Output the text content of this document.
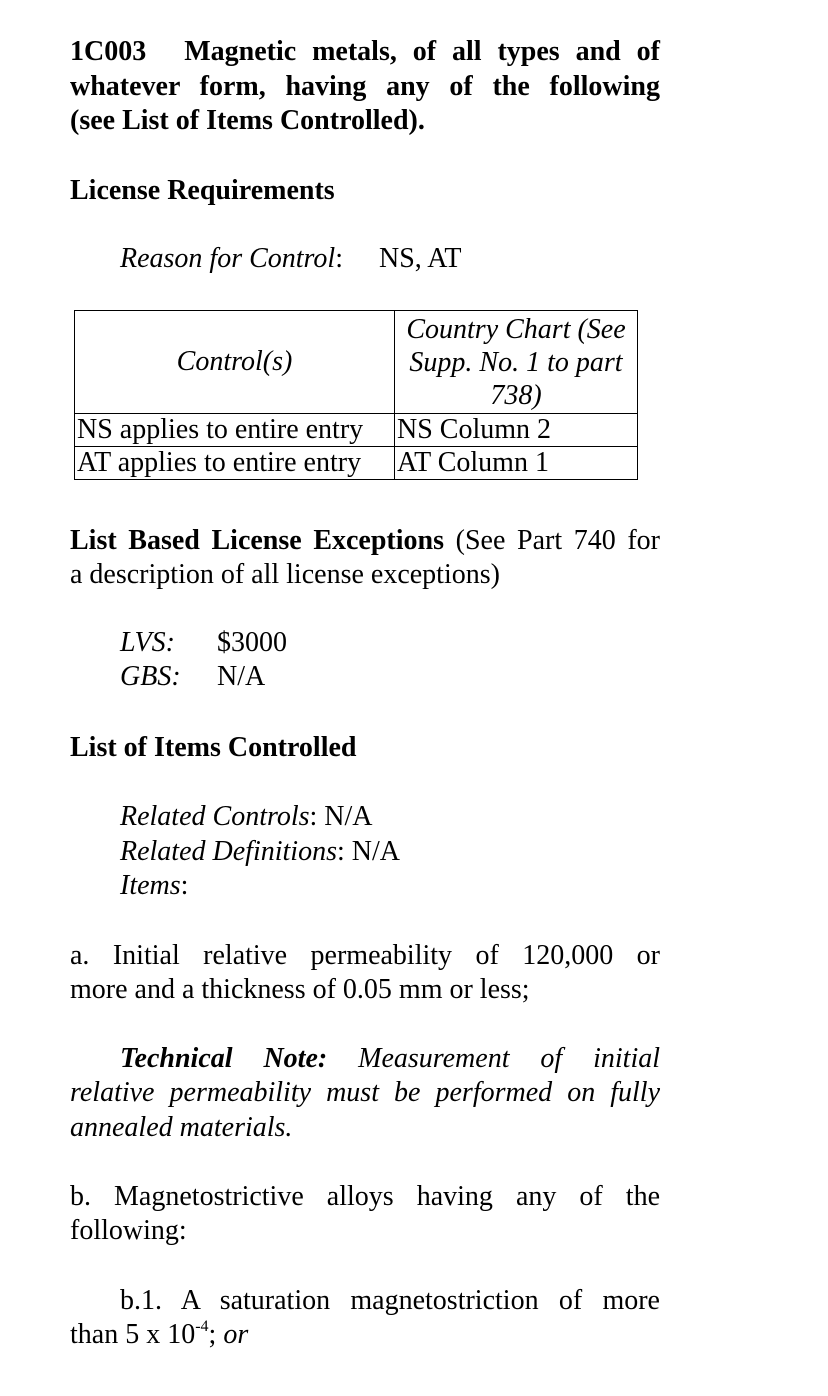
1C003 Magnetic metals, of all types and of
whatever form, having any of the following
(see List of Items Controlled).
License Requirements
Reason for Control: NS, AT
Control(s)	Country Chart (See Supp. No. 1 to part 738)
NS applies to entire entry	NS Column 2
AT applies to entire entry	AT Column 1
List Based License Exceptions (See Part 740 for
a description of all license exceptions)
LVS: $3000
GBS: N/A
List of Items Controlled
Related Controls: N/A
Related Definitions: N/A
Items:
a. Initial relative permeability of 120,000 or
more and a thickness of 0.05 mm or less;
Technical Note: Measurement of initial
relative permeability must be performed on fully
annealed materials.
b. Magnetostrictive alloys having any of the
following:
b.1. A saturation magnetostriction of more
than 5 x $10^{-4}$; or
